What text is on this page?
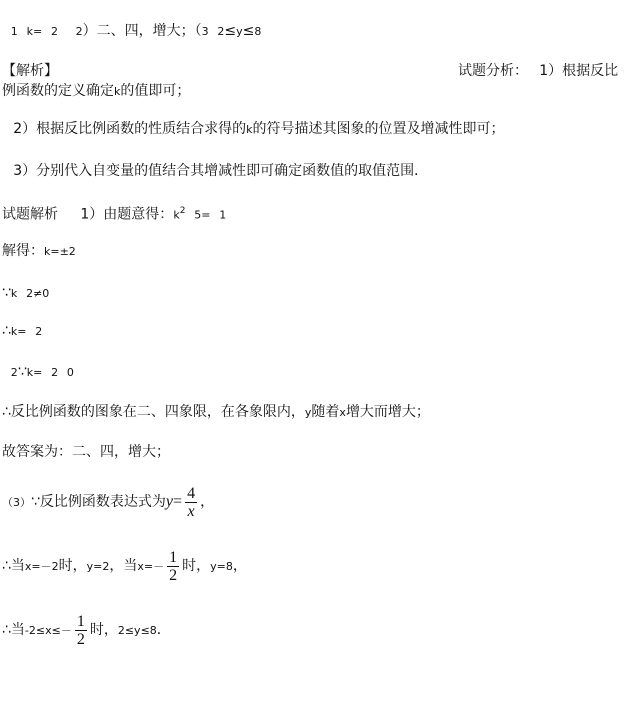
1k=22）二、四，增大；（32≤y≤8
【解析】	试题分析：1）根据反比
例函数的定义确定k的值即可；
2）根据反比例函数的性质结合求得的k的符号描述其图象的位置及增减性即可；
3）分别代入自变量的值结合其增减性即可确定函数值的取值范围．
试题解析1）由题意得：$k^25=1$
解得：k=±2
∵k2≠0
∴k=2
2∵k=20
∴反比例函数的图象在二、四象限，在各象限内，y随着x增大而增大；
故答案为：二、四，增大；
（3）∵反比例函数表达式为$y= \frac{4}{x}$ ，
∴当x=－2时，y=2，当$x=- \frac{1}{2}$ 时，y=8，
∴当$-2\le x\le- \frac{1}{2}$ 时，2≤y≤8．
